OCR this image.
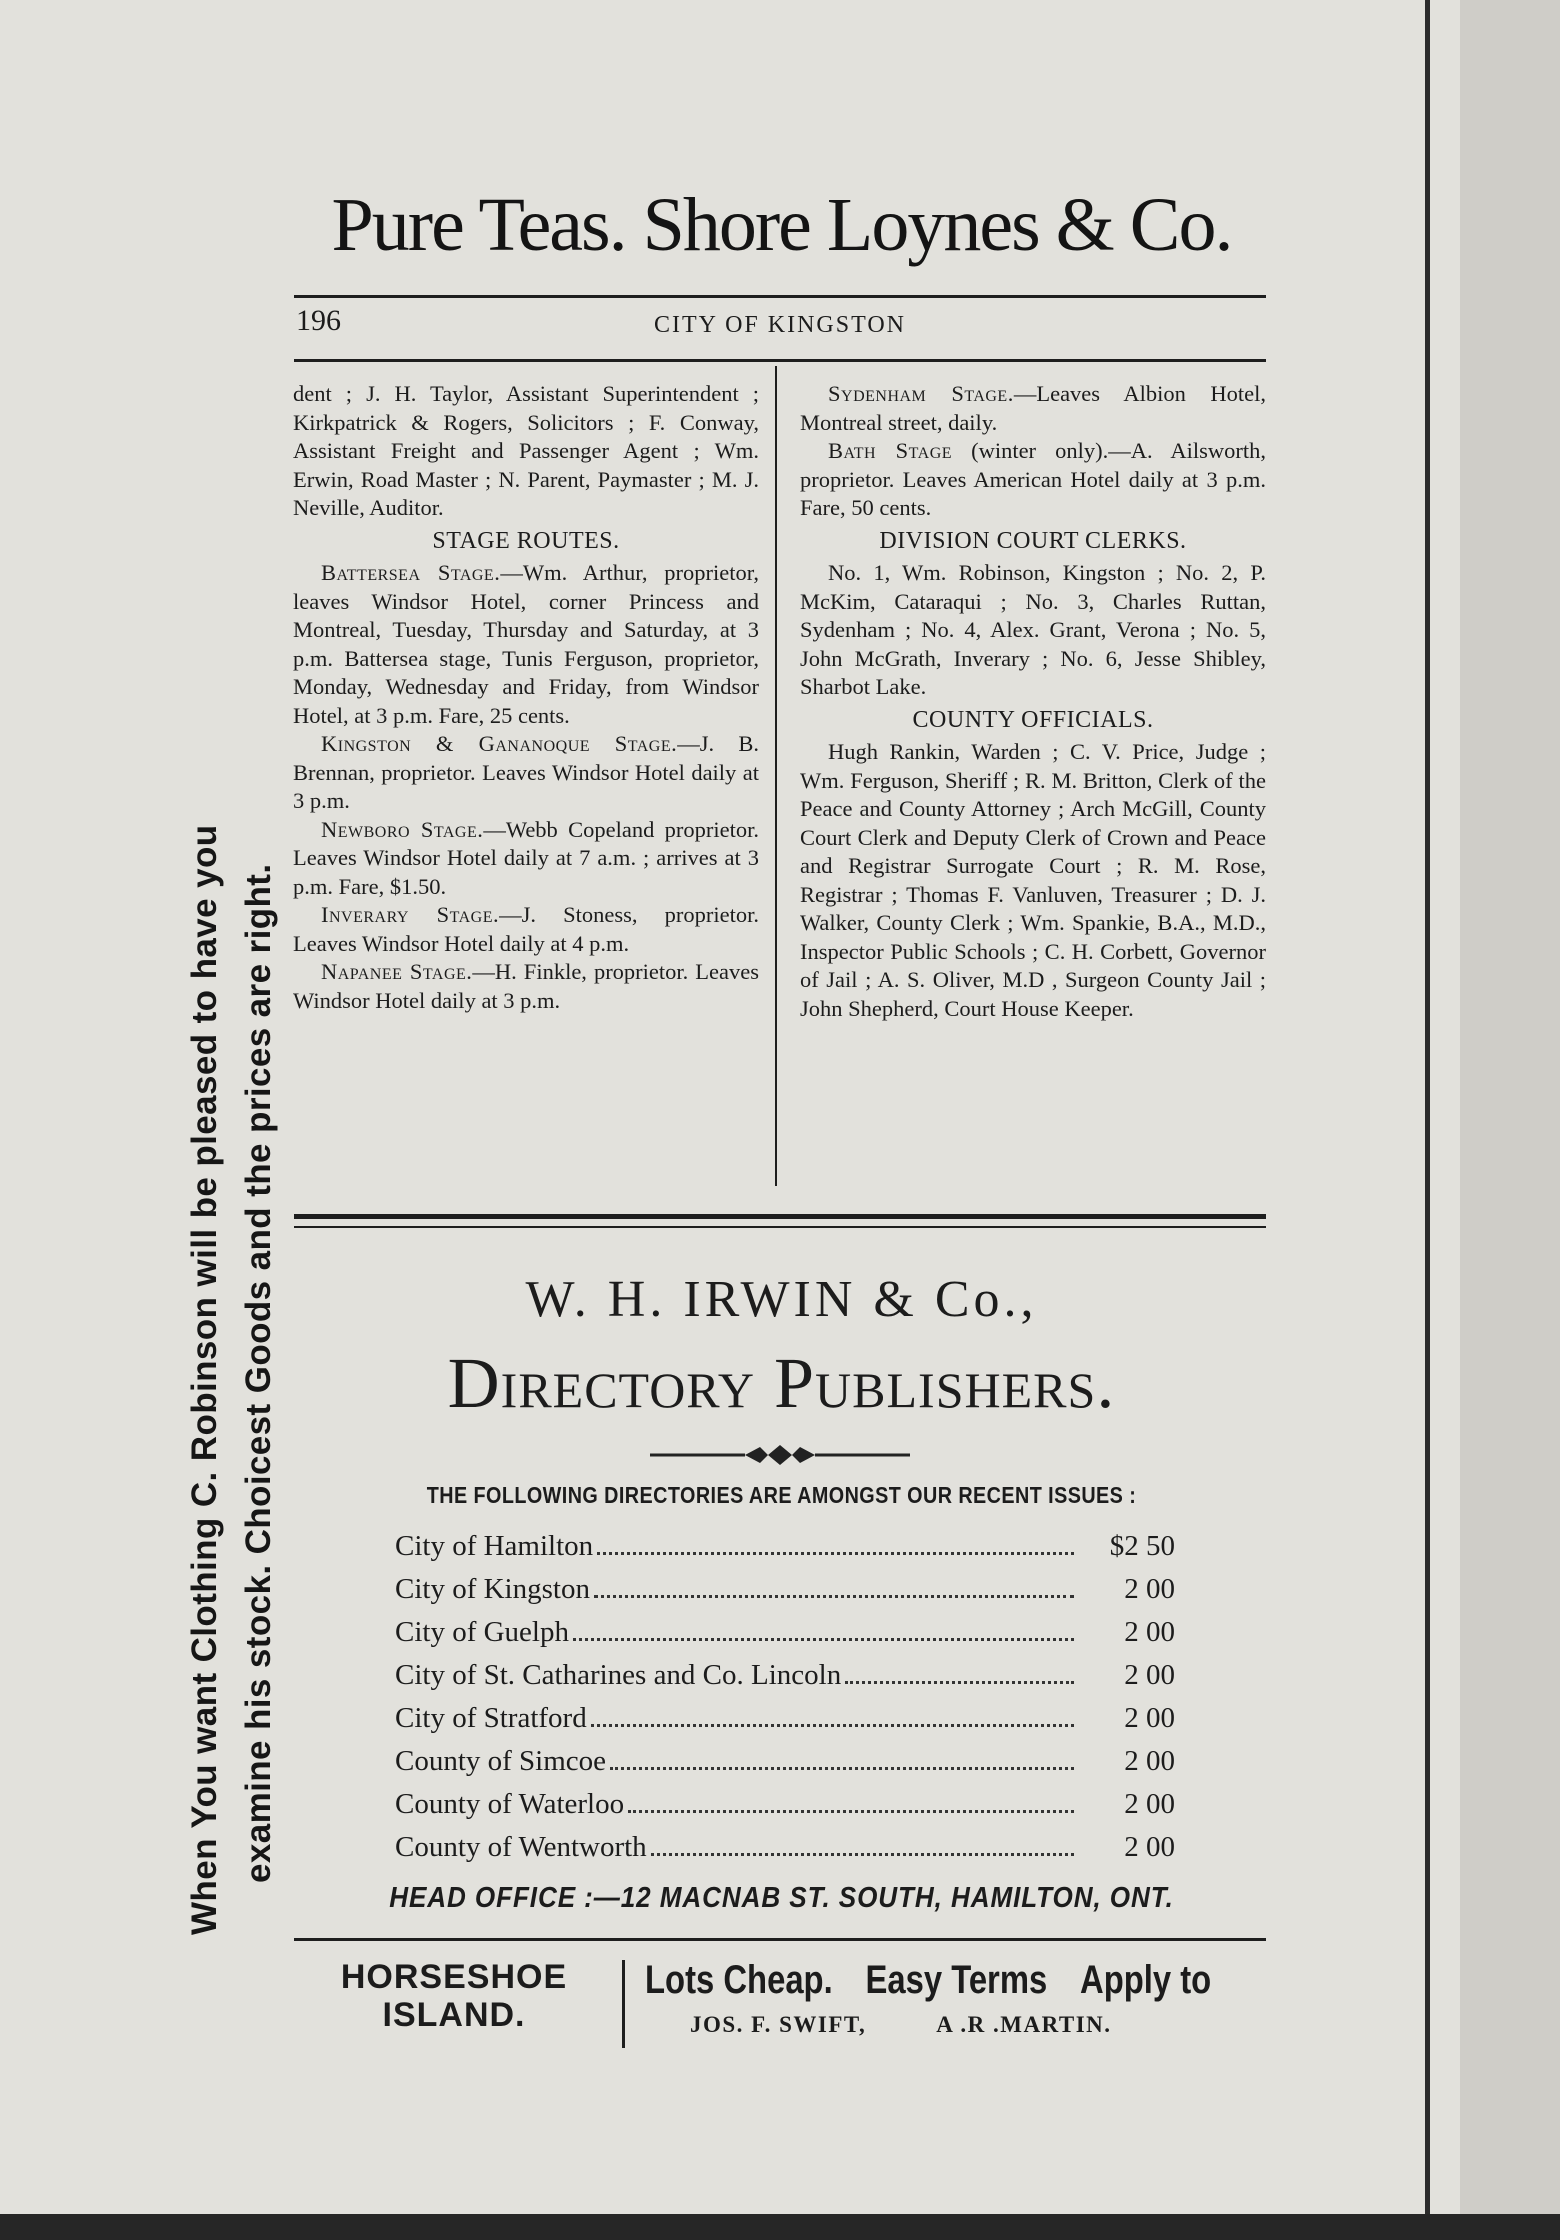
When You want Clothing C. Robinson will be pleased to have you examine his stock. Choicest Goods and the prices are right.
Pure Teas. Shore Loynes & Co.
196	CITY OF KINGSTON

dent ; J. H. Taylor, Assistant Superintendent ; Kirkpatrick & Rogers, Solicitors ; F. Conway, Assistant Freight and Passenger Agent ; Wm. Erwin, Road Master ; N. Parent, Paymaster ; M. J. Neville, Auditor.

STAGE ROUTES.

Battersea Stage.—Wm. Arthur, proprietor, leaves Windsor Hotel, corner Princess and Montreal, Tuesday, Thursday and Saturday, at 3 p.m. Battersea stage, Tunis Ferguson, proprietor, Monday, Wednesday and Friday, from Windsor Hotel, at 3 p.m. Fare, 25 cents.

Kingston & Gananoque Stage.—J. B. Brennan, proprietor. Leaves Windsor Hotel daily at 3 p.m.

Newboro Stage.—Webb Copeland proprietor. Leaves Windsor Hotel daily at 7 a.m. ; arrives at 3 p.m. Fare, $1.50.

Inverary Stage.—J. Stoness, proprietor. Leaves Windsor Hotel daily at 4 p.m.

Napanee Stage.—H. Finkle, proprietor. Leaves Windsor Hotel daily at 3 p.m.

Sydenham Stage.—Leaves Albion Hotel, Montreal street, daily.

Bath Stage (winter only).—A. Ailsworth, proprietor. Leaves American Hotel daily at 3 p.m. Fare, 50 cents.

DIVISION COURT CLERKS.

No. 1, Wm. Robinson, Kingston ; No. 2, P. McKim, Cataraqui ; No. 3, Charles Ruttan, Sydenham ; No. 4, Alex. Grant, Verona ; No. 5, John McGrath, Inverary ; No. 6, Jesse Shibley, Sharbot Lake.

COUNTY OFFICIALS.

Hugh Rankin, Warden ; C. V. Price, Judge ; Wm. Ferguson, Sheriff ; R. M. Britton, Clerk of the Peace and County Attorney ; Arch McGill, County Court Clerk and Deputy Clerk of Crown and Peace and Registrar Surrogate Court ; R. M. Rose, Registrar ; Thomas F. Vanluven, Treasurer ; D. J. Walker, County Clerk ; Wm. Spankie, B.A., M.D., Inspector Public Schools ; C. H. Corbett, Governor of Jail ; A. S. Oliver, M.D , Surgeon County Jail ; John Shepherd, Court House Keeper.

W. H. IRWIN & Co.,
Directory Publishers.
THE FOLLOWING DIRECTORIES ARE AMONGST OUR RECENT ISSUES :
City of Hamilton	$2 50
City of Kingston	2 00
City of Guelph	2 00
City of St. Catharines and Co. Lincoln	2 00
City of Stratford	2 00
County of Simcoe	2 00
County of Waterloo	2 00
County of Wentworth	2 00
HEAD OFFICE :—12 MACNAB ST. SOUTH, HAMILTON, ONT.
HORSESHOE
ISLAND.
Lots Cheap. Easy Terms Apply to
JOS. F. SWIFT,	A .R .MARTIN.
